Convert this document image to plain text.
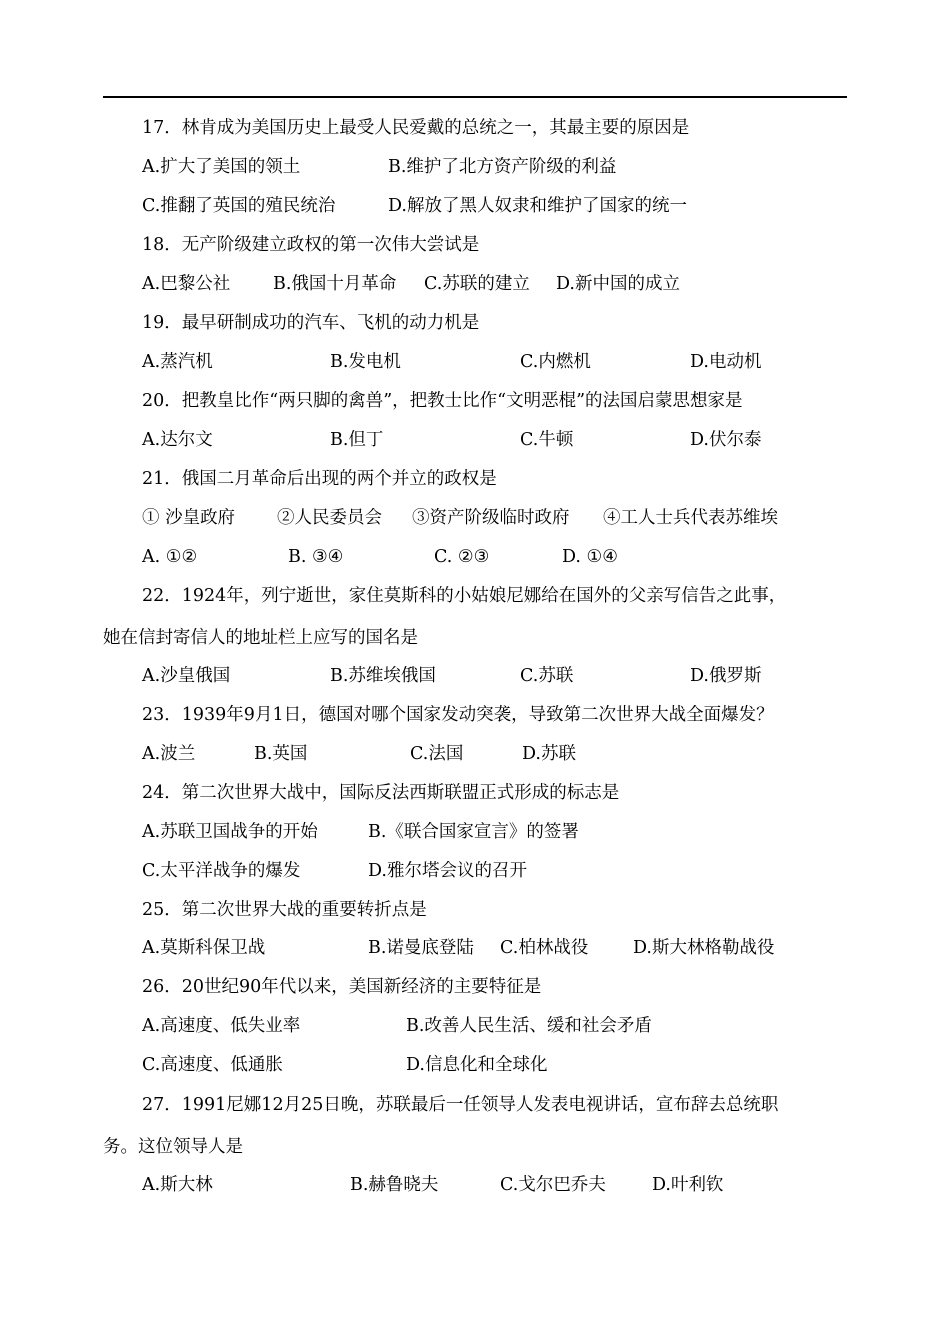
17．林肯成为美国历史上最受人民爱戴的总统之一，其最主要的原因是
A.扩大了美国的领土	B.维护了北方资产阶级的利益
C.推翻了英国的殖民统治	D.解放了黑人奴隶和维护了国家的统一
18．无产阶级建立政权的第一次伟大尝试是
A.巴黎公社 B.俄国十月革命 C.苏联的建立 D.新中国的成立
19．最早研制成功的汽车、飞机的动力机是
A.蒸汽机	B.发电机	C.内燃机	D.电动机
20．把教皇比作“两只脚的禽兽”，把教士比作“文明恶棍”的法国启蒙思想家是
A.达尔文	B.但丁	C.牛顿	D.伏尔泰
21．俄国二月革命后出现的两个并立的政权是
① 沙皇政府 ②人民委员会 ③资产阶级临时政府 ④工人士兵代表苏维埃
A. ①②	B. ③④	C. ②③	D. ①④
22．1924年，列宁逝世，家住莫斯科的小姑娘尼娜给在国外的父亲写信告之此事，
她在信封寄信人的地址栏上应写的国名是
A.沙皇俄国	B.苏维埃俄国	C.苏联	D.俄罗斯
23．1939年9月1日，德国对哪个国家发动突袭，导致第二次世界大战全面爆发？
A.波兰	B.英国	C.法国	D.苏联
24．第二次世界大战中，国际反法西斯联盟正式形成的标志是
A.苏联卫国战争的开始	B.《联合国家宣言》的签署
C.太平洋战争的爆发	D.雅尔塔会议的召开
25．第二次世界大战的重要转折点是
A.莫斯科保卫战	B.诺曼底登陆 C.柏林战役	D.斯大林格勒战役
26．20世纪90年代以来，美国新经济的主要特征是
A.高速度、低失业率	B.改善人民生活、缓和社会矛盾
C.高速度、低通胀	D.信息化和全球化
27．1991尼娜12月25日晚，苏联最后一任领导人发表电视讲话，宣布辞去总统职
务。这位领导人是
A.斯大林	B.赫鲁晓夫	C.戈尔巴乔夫	D.叶利钦
